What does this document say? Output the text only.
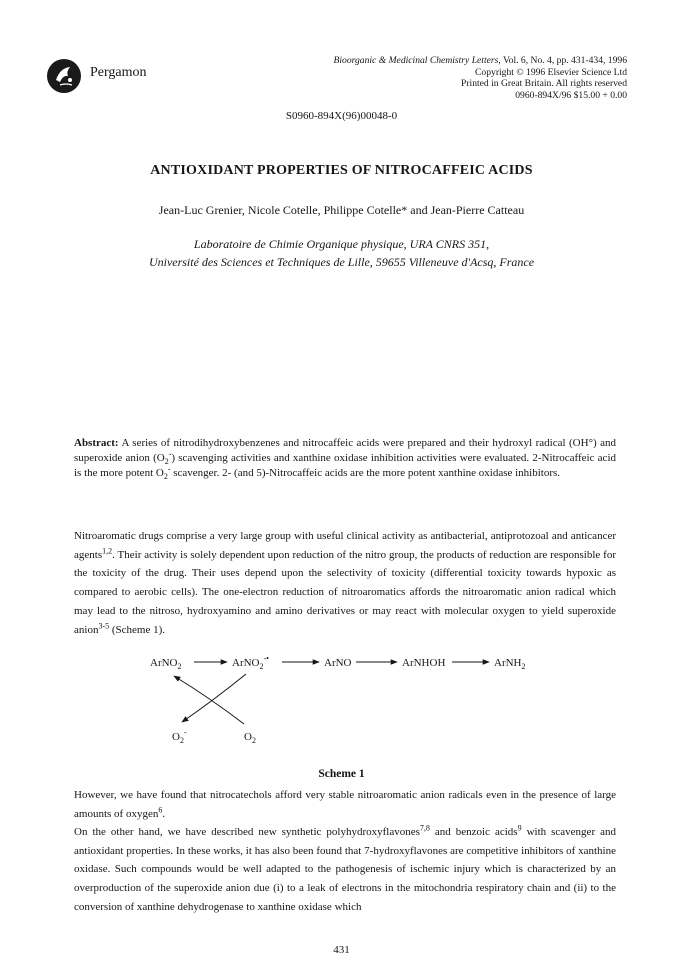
Pergamon
Bioorganic & Medicinal Chemistry Letters, Vol. 6, No. 4, pp. 431-434, 1996
Copyright © 1996 Elsevier Science Ltd
Printed in Great Britain. All rights reserved
0960-894X/96 $15.00 + 0.00
S0960-894X(96)00048-0
ANTIOXIDANT PROPERTIES OF NITROCAFFEIC ACIDS
Jean-Luc Grenier, Nicole Cotelle, Philippe Cotelle* and Jean-Pierre Catteau
Laboratoire de Chimie Organique physique, URA CNRS 351,
Université des Sciences et Techniques de Lille, 59655 Villeneuve d'Acsq, France
Abstract: A series of nitrodihydroxybenzenes and nitrocaffeic acids were prepared and their hydroxyl radical (OH°) and superoxide anion $(O_2^-)$ scavenging activities and xanthine oxidase inhibition activities were evaluated. 2-Nitrocaffeic acid is the more potent $O_2^-$ scavenger. 2- (and 5)-Nitrocaffeic acids are the more potent xanthine oxidase inhibitors.
Nitroaromatic drugs comprise a very large group with useful clinical activity as antibacterial, antiprotozoal and anticancer agents$^{1,2}$. Their activity is solely dependent upon reduction of the nitro group, the products of reduction are responsible for the toxicity of the drug. Their uses depend upon the selectivity of toxicity (differential toxicity towards hypoxic as compared to aerobic cells). The one-electron reduction of nitroaromatics affords the nitroaromatic anion radical which may lead to the nitroso, hydroxyamino and amino derivatives or may react with molecular oxygen to yield superoxide anion$^{3-5}$ (Scheme 1).
ArNO$_2$	ArNO$_2$-•	ArNO	ArNHOH	ArNH$_2$
$O_2^-$	$O_2$
Scheme 1
However, we have found that nitrocatechols afford very stable nitroaromatic anion radicals even in the presence of large amounts of oxygen$^6$.
On the other hand, we have described new synthetic polyhydroxyflavones$^{7,8}$ and benzoic acids$^9$ with scavenger and antioxidant properties. In these works, it has also been found that 7-hydroxyflavones are competitive inhibitors of xanthine oxidase. Such compounds would be well adapted to the pathogenesis of ischemic injury which is characterized by an overproduction of the superoxide anion due (i) to a leak of electrons in the mitochondria respiratory chain and (ii) to the conversion of xanthine dehydrogenase to xanthine oxidase which
431
